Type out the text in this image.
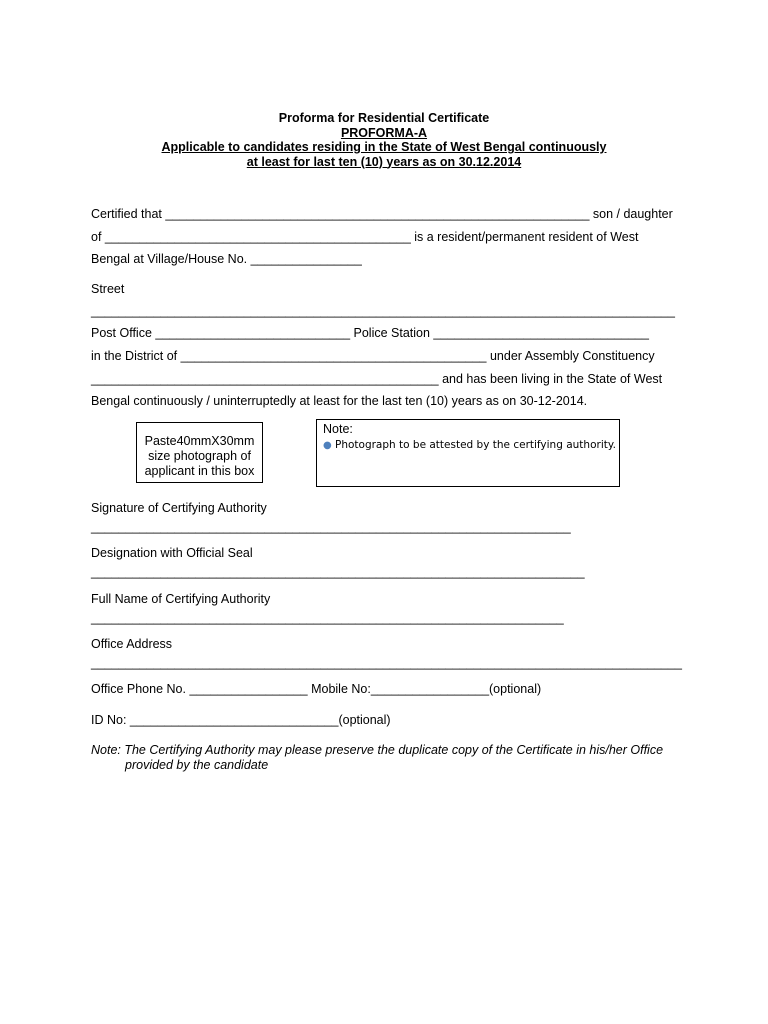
Proforma for Residential Certificate
PROFORMA-A
Applicable to candidates residing in the State of West Bengal continuously
at least for last ten (10) years as on 30.12.2014
Certified that _____________________________________________________________ son / daughter
of ____________________________________________ is a resident/permanent resident of West
Bengal at Village/House No. ________________
Street
____________________________________________________________________________________
Post Office ____________________________ Police Station _______________________________
in the District of ____________________________________________ under Assembly Constituency
__________________________________________________ and has been living in the State of West
Bengal continuously / uninterruptedly at least for the last ten (10) years as on 30-12-2014.
Paste40mmX30mm
size photograph of
applicant in this box
Note:
● Photograph to be attested by the certifying authority.
Signature of Certifying Authority
_____________________________________________________________________
Designation with Official Seal
_______________________________________________________________________
Full Name of Certifying Authority
____________________________________________________________________
Office Address
_____________________________________________________________________________________
Office Phone No. _________________ Mobile No:_________________(optional)
ID No: ______________________________(optional)
Note: The Certifying Authority may please preserve the duplicate copy of the Certificate in his/her Office
provided by the candidate
